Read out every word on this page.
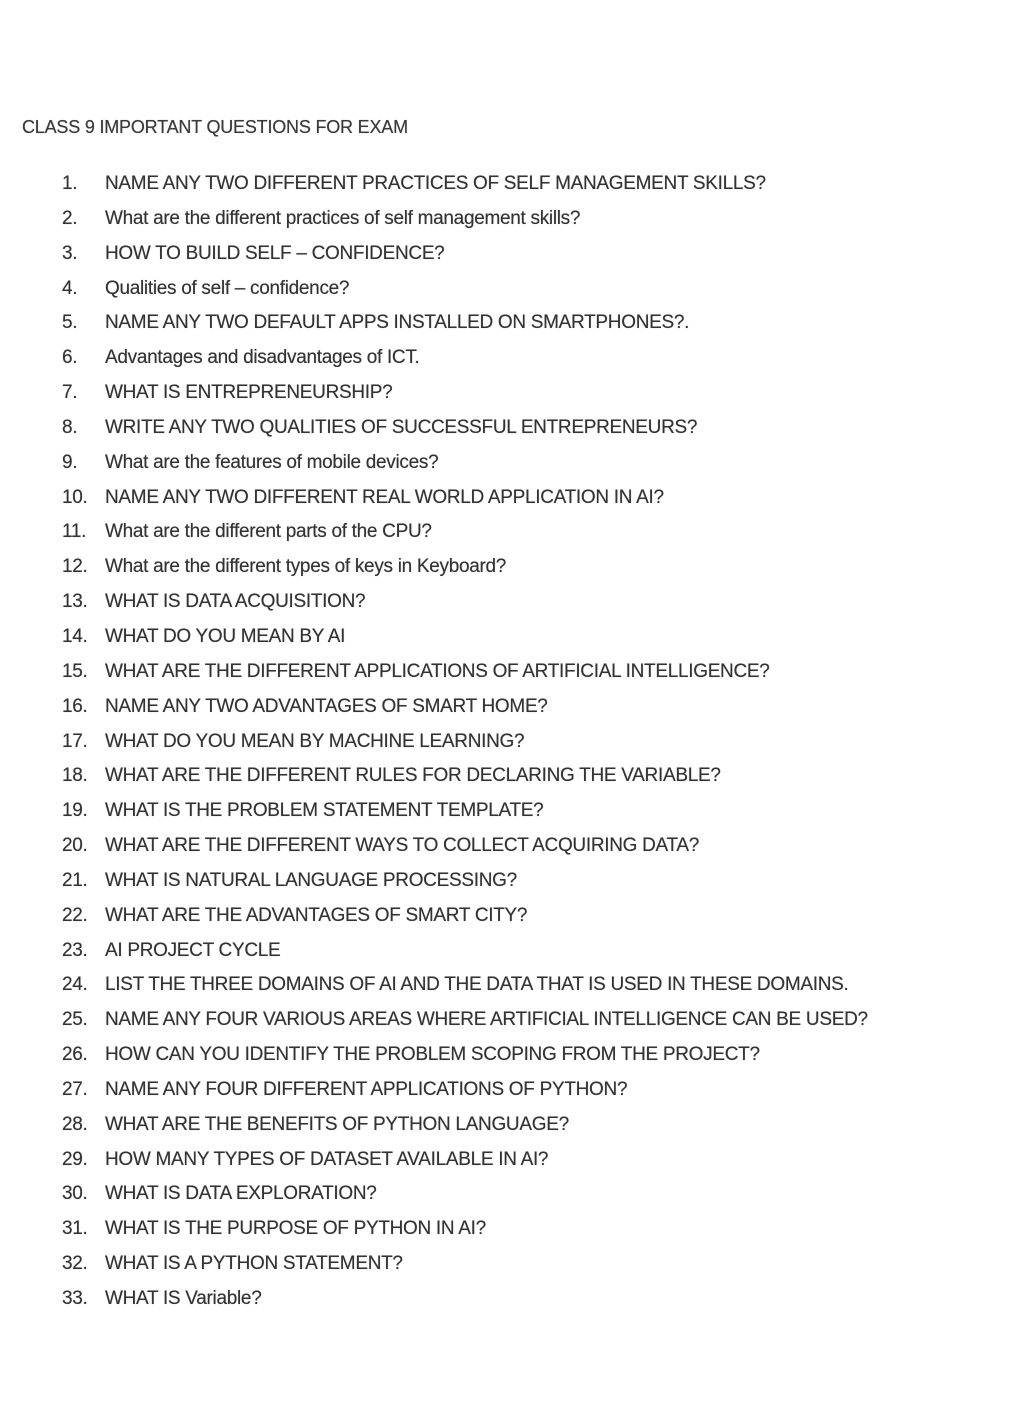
CLASS 9 IMPORTANT QUESTIONS FOR EXAM
1.	NAME ANY TWO DIFFERENT PRACTICES OF SELF MANAGEMENT SKILLS?
2.	What are the different practices of self management skills?
3.	HOW TO BUILD SELF – CONFIDENCE?
4.	Qualities of self – confidence?
5.	NAME ANY TWO DEFAULT APPS INSTALLED ON SMARTPHONES?.
6.	Advantages and disadvantages of ICT.
7.	WHAT IS ENTREPRENEURSHIP?
8.	WRITE ANY TWO QUALITIES OF SUCCESSFUL ENTREPRENEURS?
9.	What are the features of mobile devices?
10. NAME ANY TWO DIFFERENT REAL WORLD APPLICATION IN AI?
11. What are the different parts of the CPU?
12. What are the different types of keys in Keyboard?
13. WHAT IS DATA ACQUISITION?
14. WHAT DO YOU MEAN BY AI
15. WHAT ARE THE DIFFERENT APPLICATIONS OF ARTIFICIAL INTELLIGENCE?
16. NAME ANY TWO ADVANTAGES OF SMART HOME?
17. WHAT DO YOU MEAN BY MACHINE LEARNING?
18. WHAT ARE THE DIFFERENT RULES FOR DECLARING THE VARIABLE?
19. WHAT IS THE PROBLEM STATEMENT TEMPLATE?
20. WHAT ARE THE DIFFERENT WAYS TO COLLECT ACQUIRING DATA?
21. WHAT IS NATURAL LANGUAGE PROCESSING?
22. WHAT ARE THE ADVANTAGES OF SMART CITY?
23. AI PROJECT CYCLE
24. LIST THE THREE DOMAINS OF AI AND THE DATA THAT IS USED IN THESE DOMAINS.
25. NAME ANY FOUR VARIOUS AREAS WHERE ARTIFICIAL INTELLIGENCE CAN BE USED?
26. HOW CAN YOU IDENTIFY THE PROBLEM SCOPING FROM THE PROJECT?
27. NAME ANY FOUR DIFFERENT APPLICATIONS OF PYTHON?
28. WHAT ARE THE BENEFITS OF PYTHON LANGUAGE?
29. HOW MANY TYPES OF DATASET AVAILABLE IN AI?
30. WHAT IS DATA EXPLORATION?
31. WHAT IS THE PURPOSE OF PYTHON IN AI?
32. WHAT IS A PYTHON STATEMENT?
33. WHAT IS Variable?
